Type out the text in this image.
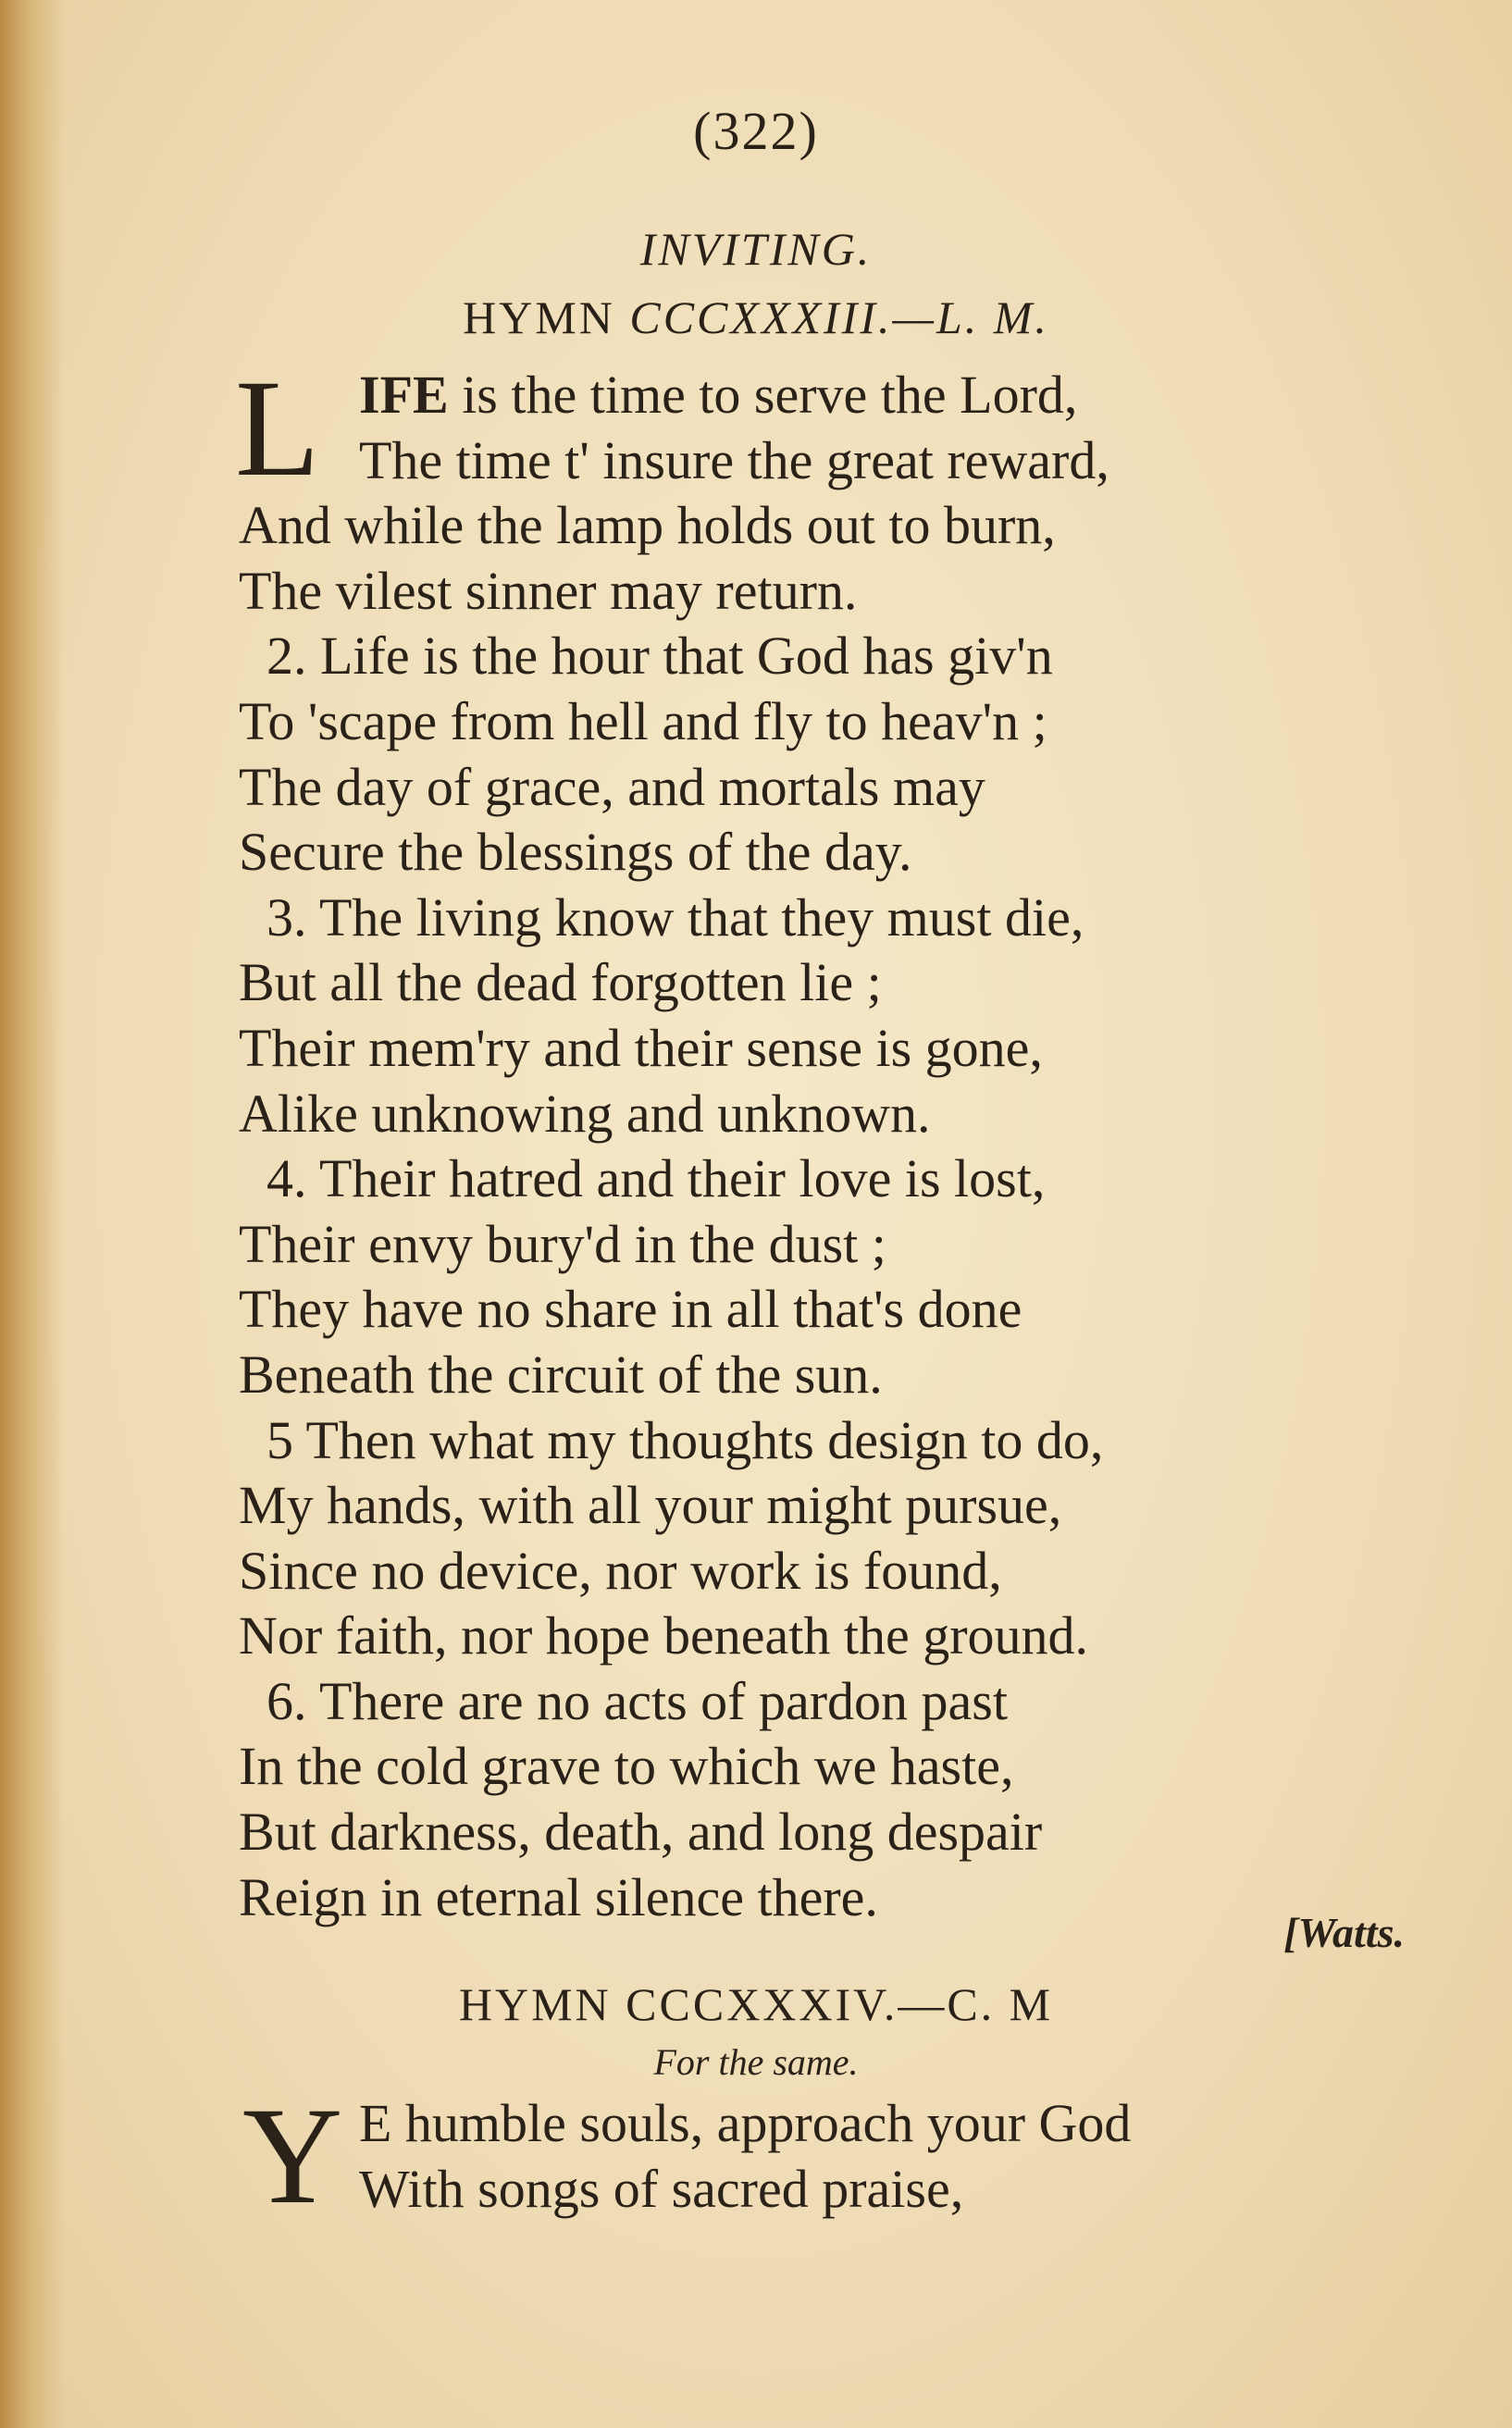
(322)
INVITING.
HYMN CCCXXXIII.—L. M.
L IFE is the time to serve the Lord,
The time t' insure the great reward,
And while the lamp holds out to burn,
The vilest sinner may return.
2. Life is the hour that God has giv'n
To 'scape from hell and fly to heav'n ;
The day of grace, and mortals may
Secure the blessings of the day.
3. The living know that they must die,
But all the dead forgotten lie ;
Their mem'ry and their sense is gone,
Alike unknowing and unknown.
4. Their hatred and their love is lost,
Their envy bury'd in the dust ;
They have no share in all that's done
Beneath the circuit of the sun.
5 Then what my thoughts design to do,
My hands, with all your might pursue,
Since no device, nor work is found,
Nor faith, nor hope beneath the ground.
6. There are no acts of pardon past
In the cold grave to which we haste,
But darkness, death, and long despair
Reign in eternal silence there.
[Watts.
HYMN CCCXXXIV.—C. M
For the same.
Y E humble souls, approach your God
With songs of sacred praise,
